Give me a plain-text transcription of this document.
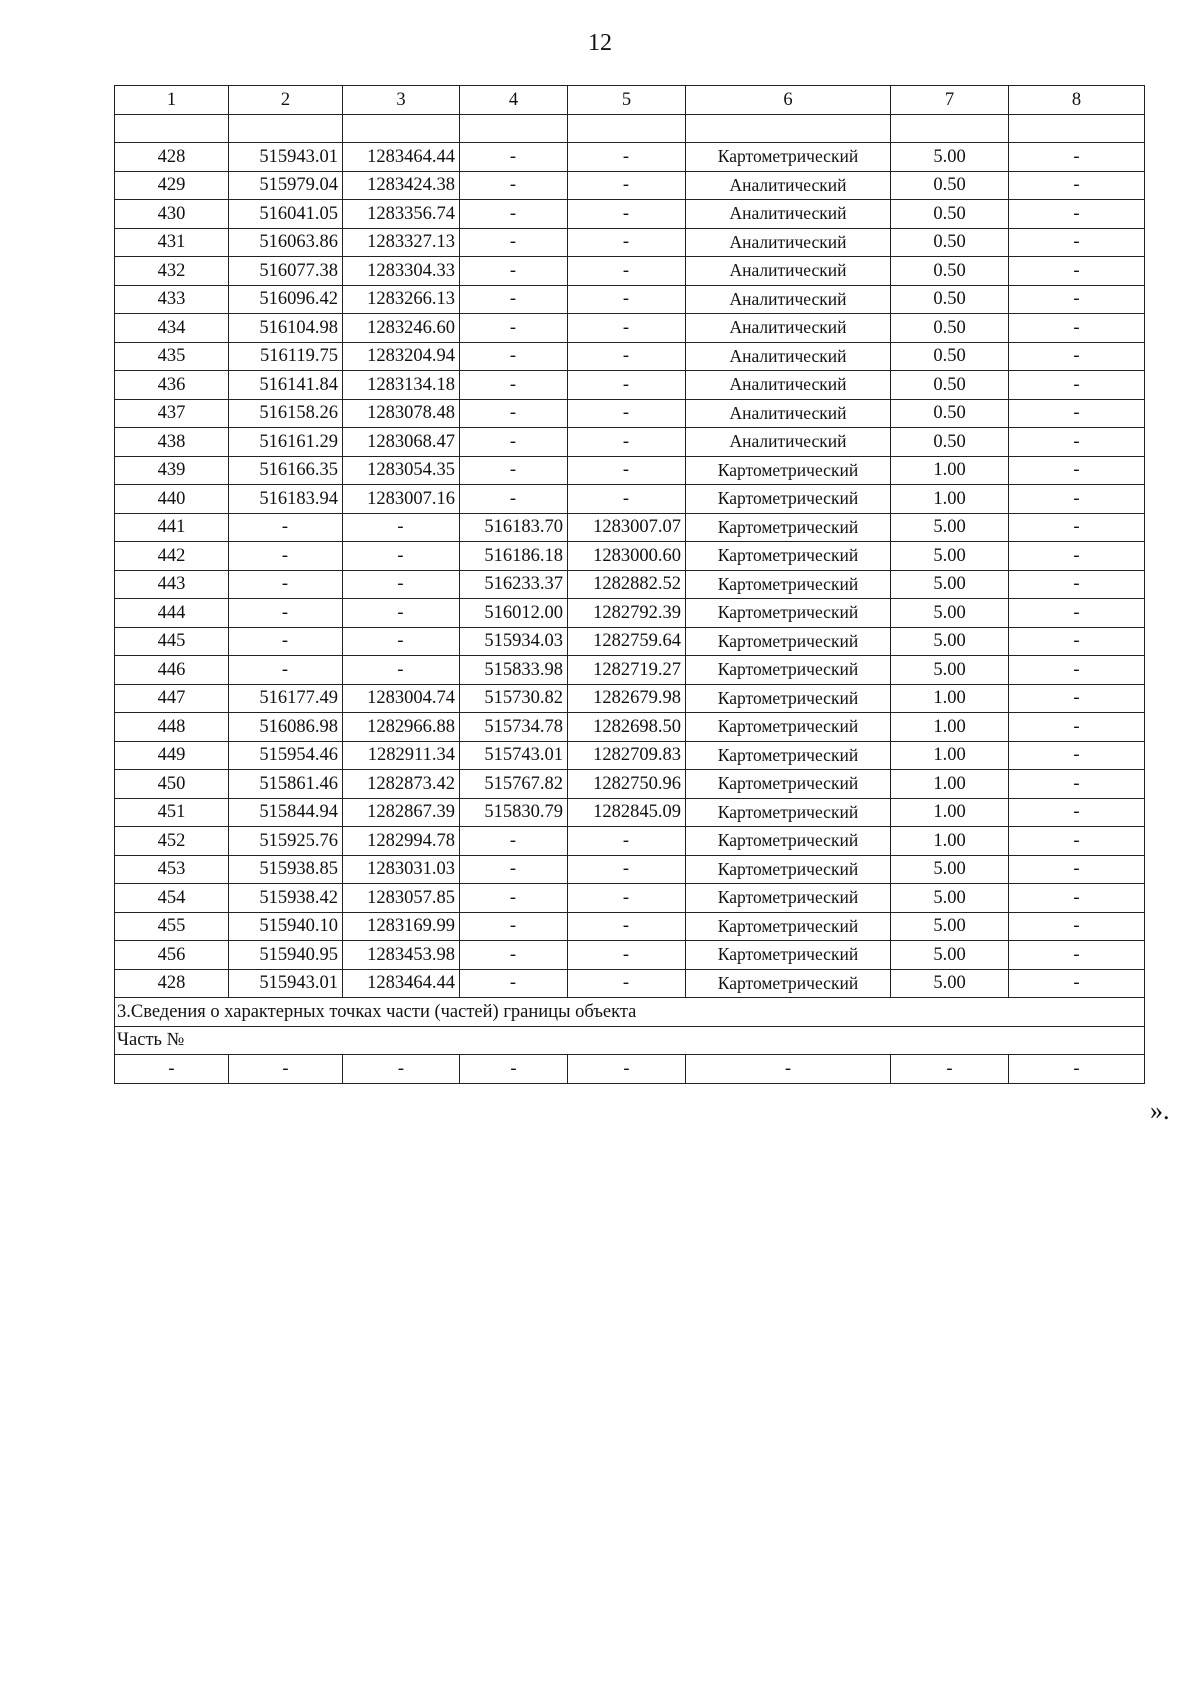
12
1	2	3	4	5	6	7	8

428	515943.01	1283464.44	-	-	Картометрический	5.00	-
429	515979.04	1283424.38	-	-	Аналитический	0.50	-
430	516041.05	1283356.74	-	-	Аналитический	0.50	-
431	516063.86	1283327.13	-	-	Аналитический	0.50	-
432	516077.38	1283304.33	-	-	Аналитический	0.50	-
433	516096.42	1283266.13	-	-	Аналитический	0.50	-
434	516104.98	1283246.60	-	-	Аналитический	0.50	-
435	516119.75	1283204.94	-	-	Аналитический	0.50	-
436	516141.84	1283134.18	-	-	Аналитический	0.50	-
437	516158.26	1283078.48	-	-	Аналитический	0.50	-
438	516161.29	1283068.47	-	-	Аналитический	0.50	-
439	516166.35	1283054.35	-	-	Картометрический	1.00	-
440	516183.94	1283007.16	-	-	Картометрический	1.00	-
441	-	-	516183.70	1283007.07	Картометрический	5.00	-
442	-	-	516186.18	1283000.60	Картометрический	5.00	-
443	-	-	516233.37	1282882.52	Картометрический	5.00	-
444	-	-	516012.00	1282792.39	Картометрический	5.00	-
445	-	-	515934.03	1282759.64	Картометрический	5.00	-
446	-	-	515833.98	1282719.27	Картометрический	5.00	-
447	516177.49	1283004.74	515730.82	1282679.98	Картометрический	1.00	-
448	516086.98	1282966.88	515734.78	1282698.50	Картометрический	1.00	-
449	515954.46	1282911.34	515743.01	1282709.83	Картометрический	1.00	-
450	515861.46	1282873.42	515767.82	1282750.96	Картометрический	1.00	-
451	515844.94	1282867.39	515830.79	1282845.09	Картометрический	1.00	-
452	515925.76	1282994.78	-	-	Картометрический	1.00	-
453	515938.85	1283031.03	-	-	Картометрический	5.00	-
454	515938.42	1283057.85	-	-	Картометрический	5.00	-
455	515940.10	1283169.99	-	-	Картометрический	5.00	-
456	515940.95	1283453.98	-	-	Картометрический	5.00	-
428	515943.01	1283464.44	-	-	Картометрический	5.00	-
3.Сведения о характерных точках части (частей) границы объекта							
Часть №							
-	-	-	-	-	-	-	-
».
